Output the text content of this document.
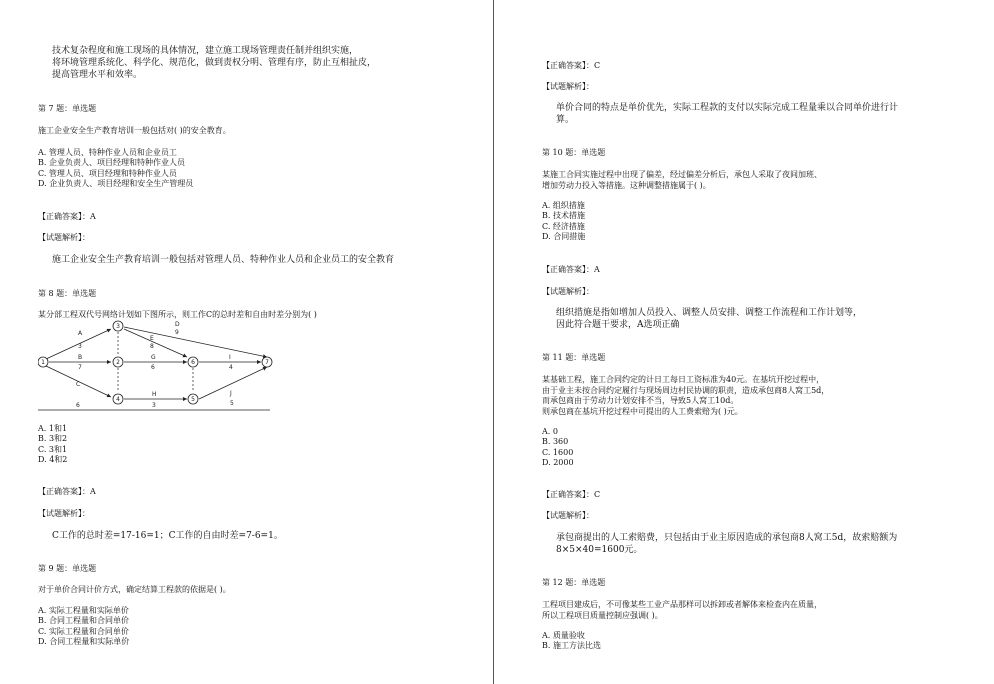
技术复杂程度和施工现场的具体情况，建立施工现场管理责任制并组织实施，
将环境管理系统化、科学化、规范化，做到责权分明、管理有序，防止互相扯皮，
提高管理水平和效率。
第 7 题：单选题
施工企业安全生产教育培训一般包括对( )的安全教育。
A. 管理人员、特种作业人员和企业员工
B. 企业负责人、项目经理和特种作业人员
C. 管理人员、项目经理和特种作业人员
D. 企业负责人、项目经理和安全生产管理员
【正确答案】：A
【试题解析】：
施工企业安全生产教育培训一般包括对管理人员、特种作业人员和企业员工的安全教育
第 8 题：单选题
某分部工程双代号网络计划如下图所示，则工作C的总时差和自由时差分别为( )
1
3
2	6	7
4	5
A
3
D
9
E
8
B
7
G
6
I
4
C
6
H
3
J
5
A. 1和1
B. 3和2
C. 3和1
D. 4和2
【正确答案】：A
【试题解析】：
C工作的总时差=17-16=1；C工作的自由时差=7-6=1。
第 9 题：单选题
对于单价合同计价方式，确定结算工程款的依据是( )。
A. 实际工程量和实际单价
B. 合同工程量和合同单价
C. 实际工程量和合同单价
D. 合同工程量和实际单价
【正确答案】：C
【试题解析】：
单价合同的特点是单价优先，实际工程款的支付以实际完成工程量乘以合同单价进行计
算。
第 10 题：单选题
某施工合同实施过程中出现了偏差，经过偏差分析后，承包人采取了夜间加班、
增加劳动力投入等措施。这种调整措施属于( )。
A. 组织措施
B. 技术措施
C. 经济措施
D. 合同措施
【正确答案】：A
【试题解析】：
组织措施是指如增加人员投入、调整人员安排、调整工作流程和工作计划等，
因此符合题干要求，A选项正确
第 11 题：单选题
某基础工程，施工合同约定的计日工每日工资标准为40元。在基坑开挖过程中，
由于业主未按合同约定履行与现场周边村民协调的职责，造成承包商8人窝工5d，
而承包商由于劳动力计划安排不当，导致5人窝工10d。
则承包商在基坑开挖过程中可提出的人工费索赔为( )元。
A. 0
B. 360
C. 1600
D. 2000
【正确答案】：C
【试题解析】：
承包商提出的人工索赔费，只包括由于业主原因造成的承包商8人窝工5d，故索赔额为
8×5×40=1600元。
第 12 题：单选题
工程项目建成后，不可像某些工业产品那样可以拆卸或者解体来检查内在质量，
所以工程项目质量控制应强调( )。
A. 质量验收
B. 施工方法比选
